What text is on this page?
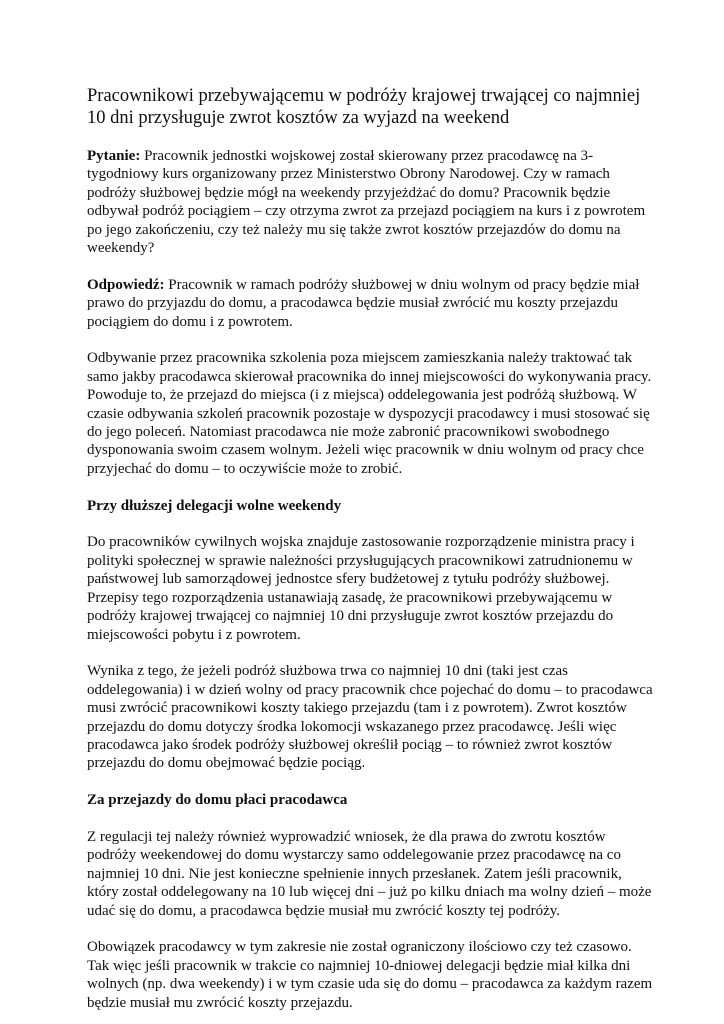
Pracownikowi przebywającemu w podróży krajowej trwającej co najmniej 10 dni przysługuje zwrot kosztów za wyjazd na weekend

Pytanie: Pracownik jednostki wojskowej został skierowany przez pracodawcę na 3-tygodniowy kurs organizowany przez Ministerstwo Obrony Narodowej. Czy w ramach podróży służbowej będzie mógł na weekendy przyjeżdżać do domu? Pracownik będzie odbywał podróż pociągiem – czy otrzyma zwrot za przejazd pociągiem na kurs i z powrotem po jego zakończeniu, czy też należy mu się także zwrot kosztów przejazdów do domu na weekendy?

Odpowiedź: Pracownik w ramach podróży służbowej w dniu wolnym od pracy będzie miał prawo do przyjazdu do domu, a pracodawca będzie musiał zwrócić mu koszty przejazdu pociągiem do domu i z powrotem.

Odbywanie przez pracownika szkolenia poza miejscem zamieszkania należy traktować tak samo jakby pracodawca skierował pracownika do innej miejscowości do wykonywania pracy. Powoduje to, że przejazd do miejsca (i z miejsca) oddelegowania jest podróżą służbową. W czasie odbywania szkoleń pracownik pozostaje w dyspozycji pracodawcy i musi stosować się do jego poleceń. Natomiast pracodawca nie może zabronić pracownikowi swobodnego dysponowania swoim czasem wolnym. Jeżeli więc pracownik w dniu wolnym od pracy chce przyjechać do domu – to oczywiście może to zrobić.

Przy dłuższej delegacji wolne weekendy

Do pracowników cywilnych wojska znajduje zastosowanie rozporządzenie ministra pracy i polityki społecznej w sprawie należności przysługujących pracownikowi zatrudnionemu w państwowej lub samorządowej jednostce sfery budżetowej z tytułu podróży służbowej. Przepisy tego rozporządzenia ustanawiają zasadę, że pracownikowi przebywającemu w podróży krajowej trwającej co najmniej 10 dni przysługuje zwrot kosztów przejazdu do miejscowości pobytu i z powrotem.

Wynika z tego, że jeżeli podróż służbowa trwa co najmniej 10 dni (taki jest czas oddelegowania) i w dzień wolny od pracy pracownik chce pojechać do domu – to pracodawca musi zwrócić pracownikowi koszty takiego przejazdu (tam i z powrotem). Zwrot kosztów przejazdu do domu dotyczy środka lokomocji wskazanego przez pracodawcę. Jeśli więc pracodawca jako środek podróży służbowej określił pociąg – to również zwrot kosztów przejazdu do domu obejmować będzie pociąg.

Za przejazdy do domu płaci pracodawca

Z regulacji tej należy również wyprowadzić wniosek, że dla prawa do zwrotu kosztów podróży weekendowej do domu wystarczy samo oddelegowanie przez pracodawcę na co najmniej 10 dni. Nie jest konieczne spełnienie innych przesłanek. Zatem jeśli pracownik, który został oddelegowany na 10 lub więcej dni – już po kilku dniach ma wolny dzień – może udać się do domu, a pracodawca będzie musiał mu zwrócić koszty tej podróży.

Obowiązek pracodawcy w tym zakresie nie został ograniczony ilościowo czy też czasowo. Tak więc jeśli pracownik w trakcie co najmniej 10-dniowej delegacji będzie miał kilka dni wolnych (np. dwa weekendy) i w tym czasie uda się do domu – pracodawca za każdym razem będzie musiał mu zwrócić koszty przejazdu.
